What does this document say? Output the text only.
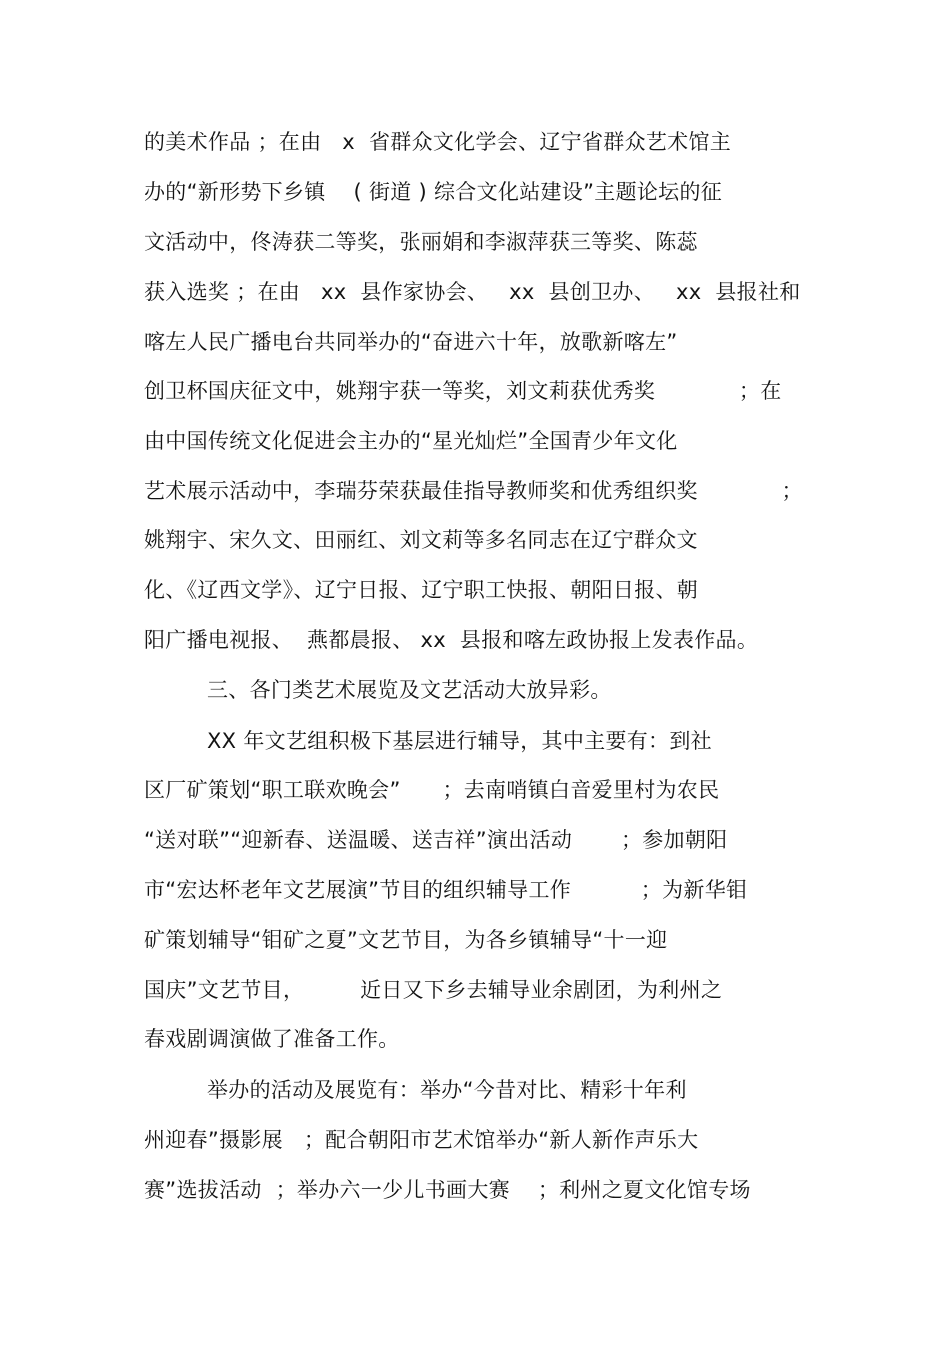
的美术作品 ；在由   x  省群众文化学会、辽宁省群众艺术馆主
办的“新形势下乡镇    ( 街道 ) 综合文化站建设”主题论坛的征
文活动中，佟涛获二等奖，张丽娟和李淑萍获三等奖、陈蕊
获入选奖 ；在由   xx  县作家协会、   xx  县创卫办、   xx  县报社和
喀左人民广播电台共同举办的“奋进六十年，放歌新喀左”
创卫杯国庆征文中，姚翔宇获一等奖，刘文莉获优秀奖            ；在
由中国传统文化促进会主办的“星光灿烂”全国青少年文化
艺术展示活动中，李瑞芬荣获最佳指导教师奖和优秀组织奖            ；
姚翔宇、宋久文、田丽红、刘文莉等多名同志在辽宁群众文
化、《辽西文学》、辽宁日报、辽宁职工快报、朝阳日报、朝
阳广播电视报、  燕都晨报、 xx  县报和喀左政协报上发表作品。
三、各门类艺术展览及文艺活动大放异彩。
XX 年文艺组积极下基层进行辅导，其中主要有：到社
区厂矿策划“职工联欢晚会”      ；去南哨镇白音爱里村为农民
“送对联”“迎新春、送温暖、送吉祥”演出活动       ；参加朝阳
市“宏达杯老年文艺展演”节目的组织辅导工作          ；为新华钼
矿策划辅导“钼矿之夏”文艺节目，为各乡镇辅导“十一迎
国庆”文艺节目，        近日又下乡去辅导业余剧团，为利州之
春戏剧调演做了准备工作。
举办的活动及展览有：举办“今昔对比、精彩十年利
州迎春”摄影展   ；配合朝阳市艺术馆举办“新人新作声乐大
赛”选拔活动  ；举办六一少儿书画大赛    ；利州之夏文化馆专场
